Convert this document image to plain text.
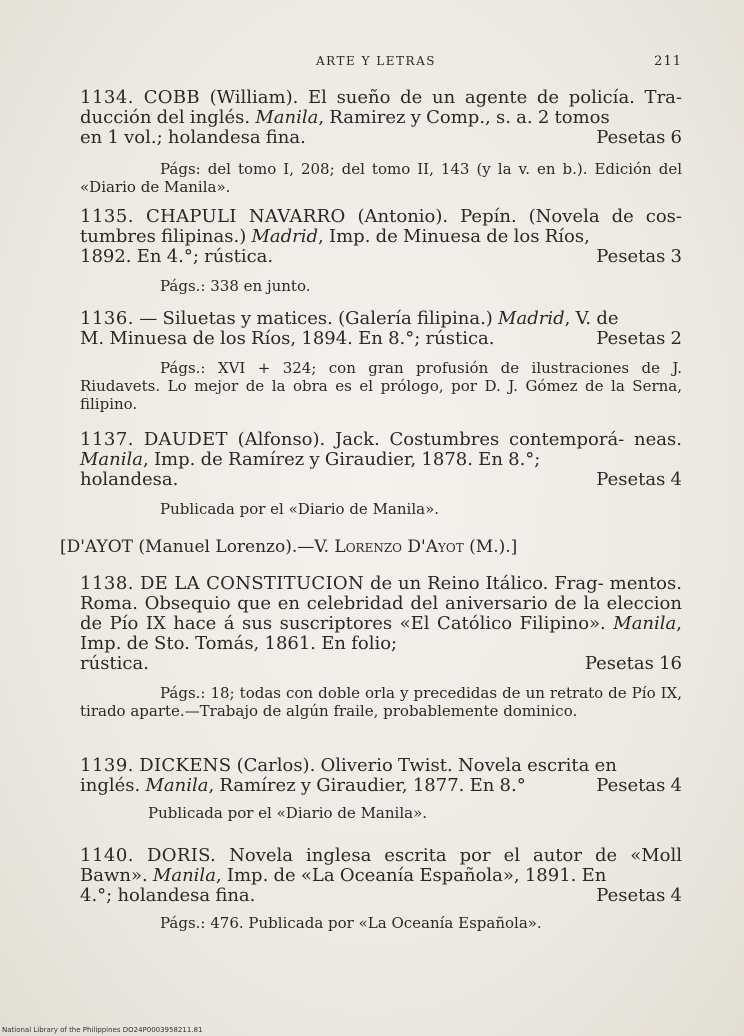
ARTE Y LETRAS	211
1134. COBB (William). El sueño de un agente de policía. Tra- ducción del inglés. Manila, Ramirez y Comp., s. a. 2 tomos
en 1 vol.; holandesa fina.	Pesetas 6
Págs: del tomo I, 208; del tomo II, 143 (y la v. en b.). Edición del «Diario de Manila».
1135. CHAPULI NAVARRO (Antonio). Pepín. (Novela de cos- tumbres filipinas.) Madrid, Imp. de Minuesa de los Ríos,
1892. En 4.°; rústica.	Pesetas 3
Págs.: 338 en junto.
1136. — Siluetas y matices. (Galería filipina.) Madrid, V. de
M. Minuesa de los Ríos, 1894. En 8.°; rústica.	Pesetas 2
Págs.: XVI + 324; con gran profusión de ilustraciones de J. Riudavets. Lo mejor de la obra es el prólogo, por D. J. Gómez de la Serna, filipino.
1137. DAUDET (Alfonso). Jack. Costumbres contemporá- neas. Manila, Imp. de Ramírez y Giraudier, 1878. En 8.°;
holandesa.	Pesetas 4
Publicada por el «Diario de Manila».
[D'AYOT (Manuel Lorenzo).—V. Lorenzo D'Ayot (M.).]
1138. DE LA CONSTITUCION de un Reino Itálico. Frag- mentos. Roma. Obsequio que en celebridad del aniversario de la eleccion de Pío IX hace á sus suscriptores «El Católico Filipino». Manila, Imp. de Sto. Tomás, 1861. En folio;
rústica.	Pesetas 16
Págs.: 18; todas con doble orla y precedidas de un retrato de Pío IX, tirado aparte.—Trabajo de algún fraile, probablemente dominico.
1139. DICKENS (Carlos). Oliverio Twist. Novela escrita en
inglés. Manila, Ramírez y Giraudier, 1877. En 8.°	Pesetas 4
Publicada por el «Diario de Manila».
1140. DORIS. Novela inglesa escrita por el autor de «Moll Bawn». Manila, Imp. de «La Oceanía Española», 1891. En
4.°; holandesa fina.	Pesetas 4
Págs.: 476. Publicada por «La Oceanía Española».
National Library of the Philippines DO24P0003958211.81
